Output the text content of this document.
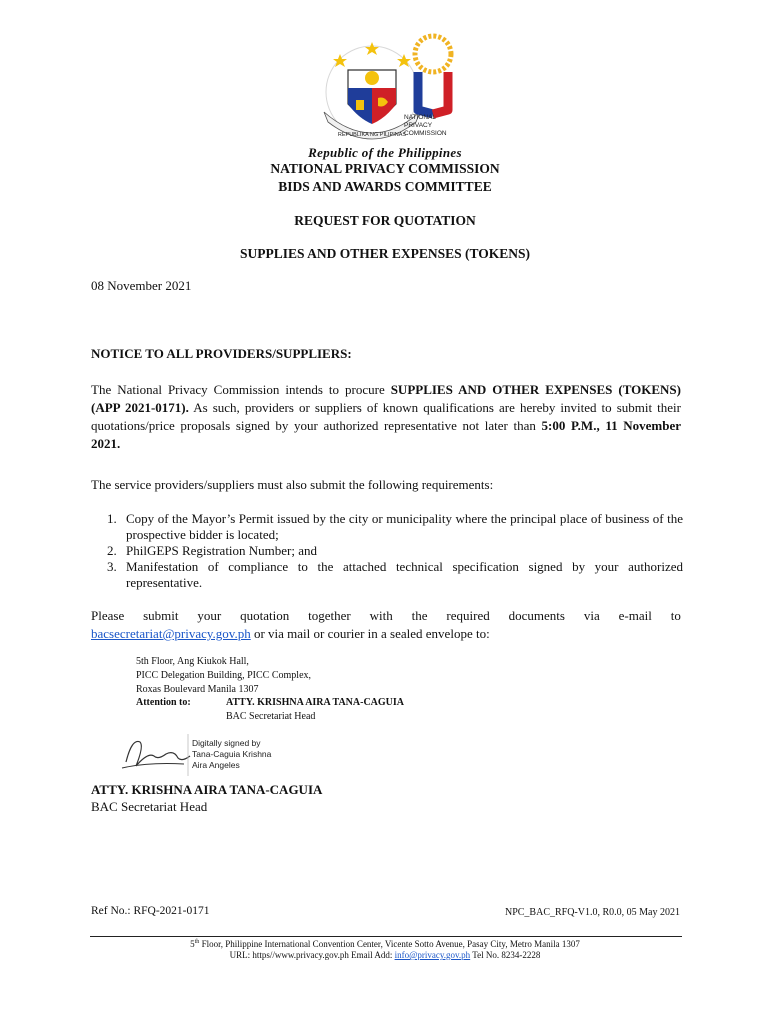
REPUBLIKA NG PILIPINAS
NATIONAL
PRIVACY
COMMISSION
Republic of the Philippines
NATIONAL PRIVACY COMMISSION
BIDS AND AWARDS COMMITTEE
REQUEST FOR QUOTATION
SUPPLIES AND OTHER EXPENSES (TOKENS)
08 November 2021
NOTICE TO ALL PROVIDERS/SUPPLIERS:
The National Privacy Commission intends to procure SUPPLIES AND OTHER EXPENSES (TOKENS) (APP 2021-0171). As such, providers or suppliers of known qualifications are hereby invited to submit their quotations/price proposals signed by your authorized representative not later than 5:00 P.M., 11 November 2021.
The service providers/suppliers must also submit the following requirements:
1. Copy of the Mayor’s Permit issued by the city or municipality where the principal place of business of the prospective bidder is located;
2. PhilGEPS Registration Number; and
3. Manifestation of compliance to the attached technical specification signed by your authorized representative.
Please submit your quotation together with the required documents via e-mail to
bacsecretariat@privacy.gov.ph or via mail or courier in a sealed envelope to:
5th Floor, Ang Kiukok Hall,
PICC Delegation Building, PICC Complex,
Roxas Boulevard Manila 1307
Attention to:	ATTY. KRISHNA AIRA TANA-CAGUIA
BAC Secretariat Head
Digitally signed by
Tana-Caguia Krishna
Aira Angeles
ATTY. KRISHNA AIRA TANA-CAGUIA
BAC Secretariat Head
Ref No.: RFQ-2021-0171	NPC_BAC_RFQ-V1.0, R0.0, 05 May 2021
5th Floor, Philippine International Convention Center, Vicente Sotto Avenue, Pasay City, Metro Manila 1307
URL: https//www.privacy.gov.ph Email Add: info@privacy.gov.ph Tel No. 8234-2228
